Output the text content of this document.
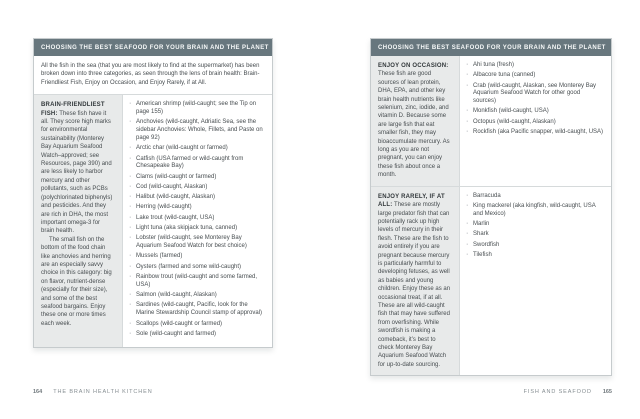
CHOOSING THE BEST SEAFOOD FOR YOUR BRAIN AND THE PLANET
All the fish in the sea (that you are most likely to find at the supermarket) has been broken down into three categories, as seen through the lens of brain health: Brain-Friendliest Fish, Enjoy on Occasion, and Enjoy Rarely, if at All.

BRAIN-FRIENDLIEST FISH: These fish have it all. They score high marks for environmental sustainability (Monterey Bay Aquarium Seafood Watch–approved; see Resources, page 390) and are less likely to harbor mercury and other pollutants, such as PCBs (polychlorinated biphenyls) and pesticides. And they are rich in DHA, the most important omega-3 for brain health.

The small fish on the bottom of the food chain like anchovies and herring are an especially savvy choice in this category: big on flavor, nutrient-dense (especially for their size), and some of the best seafood bargains. Enjoy these one or more times each week.

· American shrimp (wild-caught; see the Tip on page 155)
· Anchovies (wild-caught, Adriatic Sea, see the sidebar Anchovies: Whole, Fillets, and Paste on page 92)
· Arctic char (wild-caught or farmed)
· Catfish (USA farmed or wild-caught from Chesapeake Bay)
· Clams (wild-caught or farmed)
· Cod (wild-caught, Alaskan)
· Halibut (wild-caught, Alaskan)
· Herring (wild-caught)
· Lake trout (wild-caught, USA)
· Light tuna (aka skipjack tuna, canned)
· Lobster (wild-caught, see Monterey Bay Aquarium Seafood Watch for best choice)
· Mussels (farmed)
· Oysters (farmed and some wild-caught)
· Rainbow trout (wild-caught and some farmed, USA)
· Salmon (wild-caught, Alaskan)
· Sardines (wild-caught, Pacific, look for the Marine Stewardship Council stamp of approval)
· Scallops (wild-caught or farmed)
· Sole (wild-caught and farmed)
CHOOSING THE BEST SEAFOOD FOR YOUR BRAIN AND THE PLANET

ENJOY ON OCCASION: These fish are good sources of lean protein, DHA, EPA, and other key brain health nutrients like selenium, zinc, iodide, and vitamin D. Because some are large fish that eat smaller fish, they may bioaccumulate mercury. As long as you are not pregnant, you can enjoy these fish about once a month.

· Ahi tuna (fresh)
· Albacore tuna (canned)
· Crab (wild-caught, Alaskan, see Monterey Bay Aquarium Seafood Watch for other good sources)
· Monkfish (wild-caught, USA)
· Octopus (wild-caught, Alaskan)
· Rockfish (aka Pacific snapper, wild-caught, USA)

ENJOY RARELY, IF AT ALL: These are mostly large predator fish that can potentially rack up high levels of mercury in their flesh. These are the fish to avoid entirely if you are pregnant because mercury is particularly harmful to developing fetuses, as well as babies and young children. Enjoy these as an occasional treat, if at all. These are all wild-caught fish that may have suffered from overfishing. While swordfish is making a comeback, it’s best to check Monterey Bay Aquarium Seafood Watch for up-to-date sourcing.

· Barracuda
· King mackerel (aka kingfish, wild-caught, USA and Mexico)
· Marlin
· Shark
· Swordfish
· Tilefish
164 THE BRAIN HEALTH KITCHEN	FISH AND SEAFOOD 165
